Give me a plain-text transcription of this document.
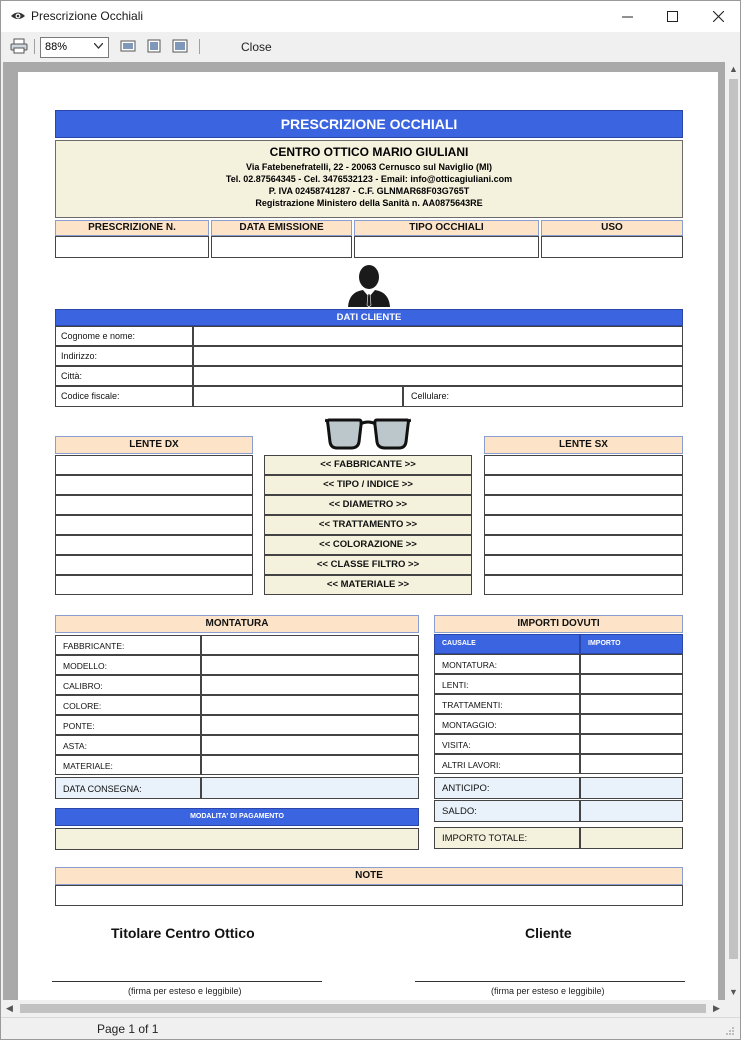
Prescrizione Occhiali
88%	Close
PRESCRIZIONE OCCHIALI
CENTRO OTTICO MARIO GIULIANI
Via Fatebenefratelli, 22 - 20063 Cernusco sul Naviglio (MI)
Tel. 02.87564345 - Cel. 3476532123 - Email: info@otticagiuliani.com
P. IVA 02458741287 - C.F. GLNMAR68F03G765T
Registrazione Ministero della Sanità n. AA0875643RE
PRESCRIZIONE N.	DATA EMISSIONE	TIPO OCCHIALI	USO
DATI CLIENTE
Cognome e nome:
Indirizzo:
Città:
Codice fiscale:	Cellulare:
LENTE DX	LENTE SX
MONTATURA
DATA CONSEGNA:
MODALITA' DI PAGAMENTO
IMPORTI DOVUTI
CAUSALE	IMPORTO
ANTICIPO:
SALDO:
IMPORTO TOTALE:
NOTE
Titolare Centro Ottico	Cliente
(firma per esteso e leggibile)	(firma per esteso e leggibile)
<< FABBRICANTE >>
<< TIPO / INDICE >>
<< DIAMETRO >>
<< TRATTAMENTO >>
<< COLORAZIONE >>
<< CLASSE FILTRO >>
<< MATERIALE >>
FABBRICANTE:
MODELLO:
CALIBRO:
COLORE:
PONTE:
ASTA:
MATERIALE:
MONTATURA:
LENTI:
TRATTAMENTI:
MONTAGGIO:
VISITA:
ALTRI LAVORI:
▲
▼
◀	▶
Page 1 of 1
